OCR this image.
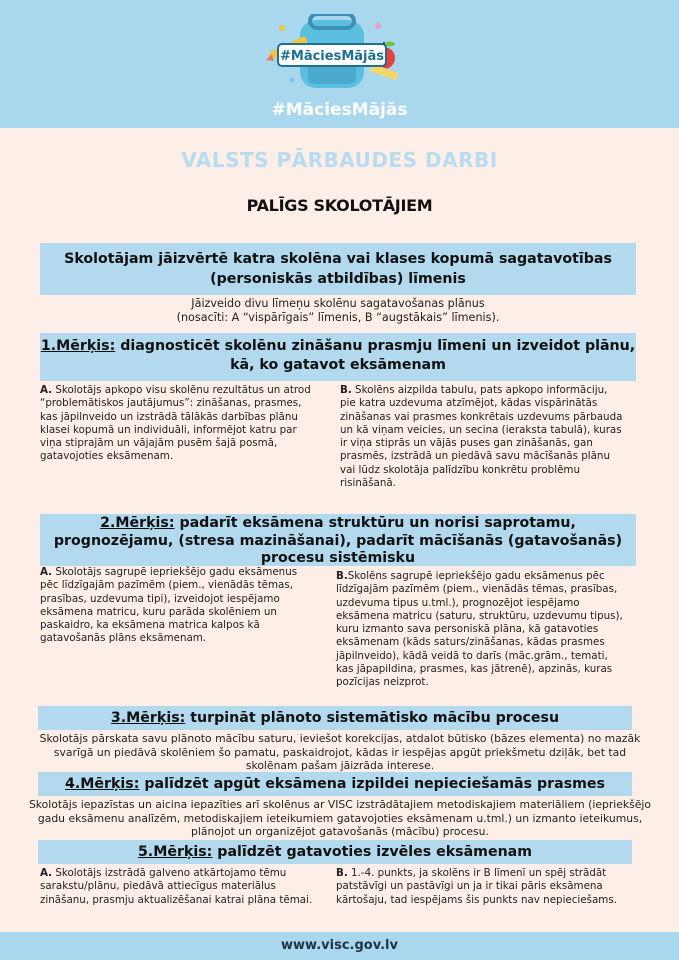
#MāciesMājās
#MāciesMājās
VALSTS PĀRBAUDES DARBI
PALĪGS SKOLOTĀJIEM
Skolotājam jāizvērtē katra skolēna vai klases kopumā sagatavotības (personiskās atbildības) līmenis
Jāizveido divu līmeņu skolēnu sagatavošanas plānus
(nosacīti: A “vispārīgais” līmenis, B “augstākais” līmenis).
1.Mērķis: diagnosticēt skolēnu zināšanu prasmju līmeni un izveidot plānu, kā, ko gatavot eksāmenam
A. Skolotājs apkopo visu skolēnu rezultātus un atrod “problemātiskos jautājumus”: zināšanas, prasmes, kas jāpilnveido un izstrādā tālākās darbības plānu klasei kopumā un individuāli, informējot katru par viņa stiprajām un vājajām pusēm šajā posmā, gatavojoties eksāmenam.
B. Skolēns aizpilda tabulu, pats apkopo informāciju, pie katra uzdevuma atzīmējot, kādas vispārinātās zināšanas vai prasmes konkrētais uzdevums pārbauda un kā viņam veicies, un secina (ieraksta tabulā), kuras ir viņa stiprās un vājās puses gan zināšanās, gan prasmēs, izstrādā un piedāvā savu mācīšanās plānu vai lūdz skolotāja palīdzību konkrētu problēmu risināšanā.
2.Mērķis: padarīt eksāmena struktūru un norisi saprotamu, prognozējamu, (stresa mazināšanai), padarīt mācīšanās (gatavošanās) procesu sistēmisku
A. Skolotājs sagrupē iepriekšējo gadu eksāmenus pēc līdzīgajām pazīmēm (piem., vienādās tēmas, prasības, uzdevuma tipi), izveidojot iespējamo eksāmena matricu, kuru parāda skolēniem un paskaidro, ka eksāmena matrica kalpos kā gatavošanās plāns eksāmenam.
B.Skolēns sagrupē iepriekšējo gadu eksāmenus pēc līdzīgajām pazīmēm (piem., vienādās tēmas, prasības, uzdevuma tipus u.tml.), prognozējot iespējamo eksāmena matricu (saturu, struktūru, uzdevumu tipus), kuru izmanto sava personiskā plāna, kā gatavoties eksāmenam (kāds saturs/zināšanas, kādas prasmes jāpilnveido), kādā veidā to darīs (māc.grām., temati, kas jāpapildina, prasmes, kas jātrenē), apzinās, kuras pozīcijas neizprot.
3.Mērķis: turpināt plānoto sistemātisko mācību procesu
Skolotājs pārskata savu plānoto mācību saturu, ieviešot korekcijas, atdalot būtisko (bāzes elementa) no mazāk svarīgā un piedāvā skolēniem šo pamatu, paskaidrojot, kādas ir iespējas apgūt priekšmetu dziļāk, bet tad skolēnam pašam jāizrāda interese.
4.Mērķis: palīdzēt apgūt eksāmena izpildei nepieciešamās prasmes
Skolotājs iepazīstas un aicina iepazīties arī skolēnus ar VISC izstrādātajiem metodiskajiem materiāliem (iepriekšējo gadu eksāmenu analīzēm, metodiskajiem ieteikumiem gatavojoties eksāmenam u.tml.) un izmanto ieteikumus, plānojot un organizējot gatavošanās (mācību) procesu.
5.Mērķis: palīdzēt gatavoties izvēles eksāmenam
A. Skolotājs izstrādā galveno atkārtojamo tēmu sarakstu/plānu, piedāvā attiecīgus materiālus zināšanu, prasmju aktualizēšanai katrai plāna tēmai.
B. 1.-4. punkts, ja skolēns ir B līmenī un spēj strādāt patstāvīgi un pastāvīgi un ja ir tikai pāris eksāmena kārtošaju, tad iespējams šis punkts nav nepieciešams.
www.visc.gov.lv
